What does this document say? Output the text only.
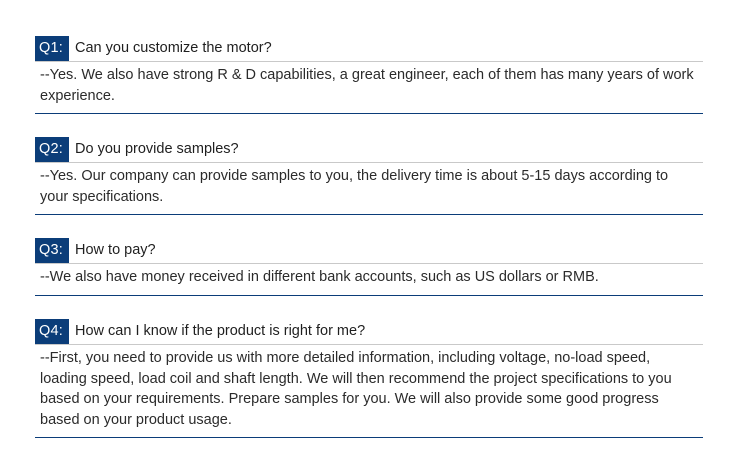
Q1: Can you customize the motor?
--Yes. We also have strong R & D capabilities, a great engineer, each of them has many years of work experience.
Q2: Do you provide samples?
--Yes. Our company can provide samples to you, the delivery time is about 5-15 days according to your specifications.
Q3: How to pay?
--We also have money received in different bank accounts, such as US dollars or RMB.
Q4: How can I know if the product is right for me?
--First, you need to provide us with more detailed information, including voltage, no-load speed, loading speed, load coil and shaft length. We will then recommend the project specifications to you based on your requirements. Prepare samples for you. We will also provide some good progress based on your product usage.
